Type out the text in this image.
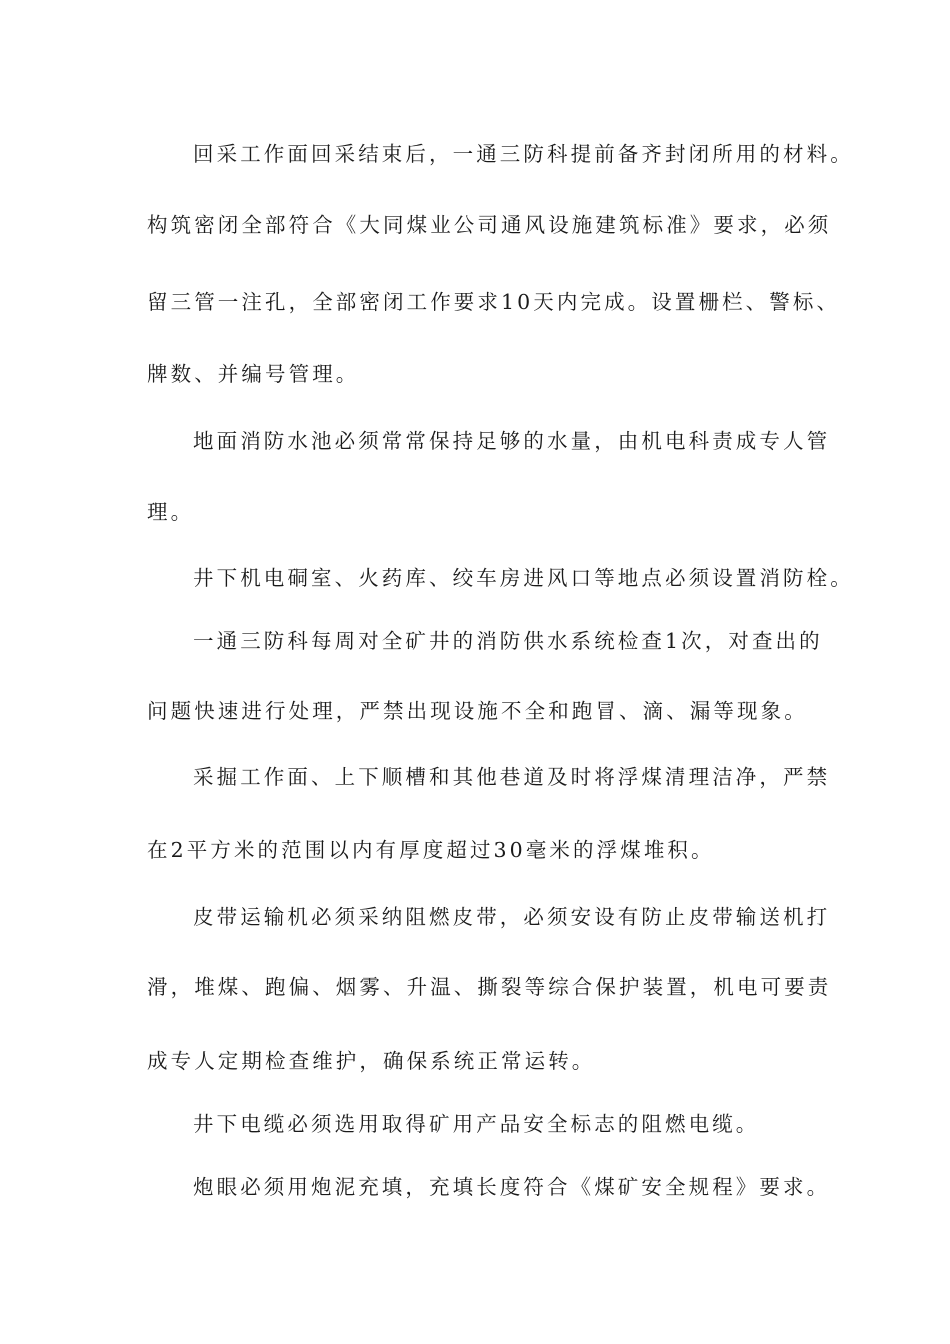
回采工作面回采结束后，一通三防科提前备齐封闭所用的材料。
构筑密闭全部符合《大同煤业公司通风设施建筑标准》要求，必须
留三管一注孔，全部密闭工作要求10天内完成。设置栅栏、警标、
牌数、并编号管理。
地面消防水池必须常常保持足够的水量，由机电科责成专人管
理。
井下机电硐室、火药库、绞车房进风口等地点必须设置消防栓。
一通三防科每周对全矿井的消防供水系统检查1次，对查出的
问题快速进行处理，严禁出现设施不全和跑冒、滴、漏等现象。
采掘工作面、上下顺槽和其他巷道及时将浮煤清理洁净，严禁
在2平方米的范围以内有厚度超过30毫米的浮煤堆积。
皮带运输机必须采纳阻燃皮带，必须安设有防止皮带输送机打
滑，堆煤、跑偏、烟雾、升温、撕裂等综合保护装置，机电可要责
成专人定期检查维护，确保系统正常运转。
井下电缆必须选用取得矿用产品安全标志的阻燃电缆。
炮眼必须用炮泥充填，充填长度符合《煤矿安全规程》要求。
